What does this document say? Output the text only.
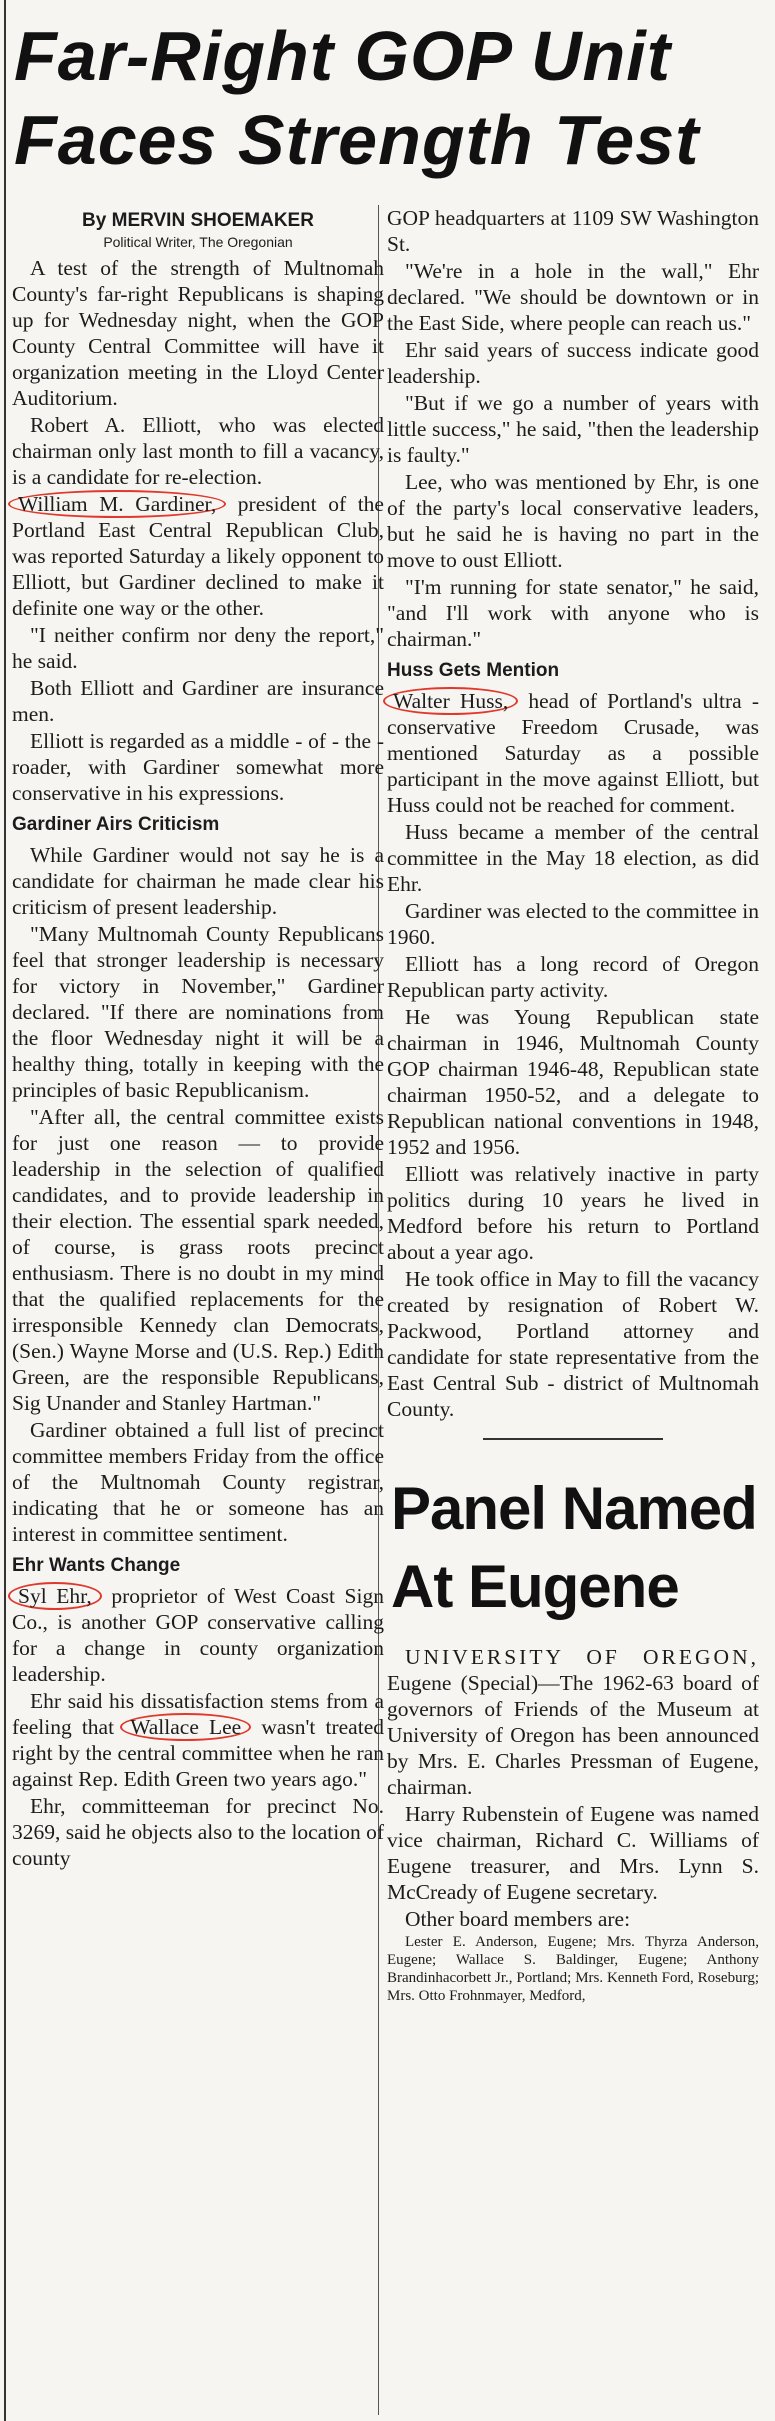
Far-Right GOP Unit
Faces Strength Test
By MERVIN SHOEMAKER
Political Writer, The Oregonian

A test of the strength of Multnomah County's far-right Republicans is shaping up for Wednesday night, when the GOP County Central Committee will have it organization meeting in the Lloyd Center Auditorium.

Robert A. Elliott, who was elected chairman only last month to fill a vacancy, is a candidate for re-election.

William M. Gardiner, president of the Portland East Central Republican Club, was reported Saturday a likely opponent to Elliott, but Gardiner declined to make it definite one way or the other.

"I neither confirm nor deny the report," he said.

Both Elliott and Gardiner are insurance men.

Elliott is regarded as a middle - of - the - roader, with Gardiner somewhat more conservative in his expressions.

Gardiner Airs Criticism

While Gardiner would not say he is a candidate for chairman he made clear his criticism of present leadership.

"Many Multnomah County Republicans feel that stronger leadership is necessary for victory in November," Gardiner declared. "If there are nominations from the floor Wednesday night it will be a healthy thing, totally in keeping with the principles of basic Republicanism.

"After all, the central committee exists for just one reason — to provide leadership in the selection of qualified candidates, and to provide leadership in their election. The essential spark needed, of course, is grass roots precinct enthusiasm. There is no doubt in my mind that the qualified replacements for the irresponsible Kennedy clan Democrats, (Sen.) Wayne Morse and (U.S. Rep.) Edith Green, are the responsible Republicans, Sig Unander and Stanley Hartman."

Gardiner obtained a full list of precinct committee members Friday from the office of the Multnomah County registrar, indicating that he or someone has an interest in committee sentiment.

Ehr Wants Change

Syl Ehr, proprietor of West Coast Sign Co., is another GOP conservative calling for a change in county organization leadership.

Ehr said his dissatisfaction stems from a feeling that Wallace Lee wasn't treated right by the central committee when he ran against Rep. Edith Green two years ago."

Ehr, committeeman for precinct No. 3269, said he objects also to the location of county

GOP headquarters at 1109 SW Washington St.

"We're in a hole in the wall," Ehr declared. "We should be downtown or in the East Side, where people can reach us."

Ehr said years of success indicate good leadership.

"But if we go a number of years with little success," he said, "then the leadership is faulty."

Lee, who was mentioned by Ehr, is one of the party's local conservative leaders, but he said he is having no part in the move to oust Elliott.

"I'm running for state senator," he said, "and I'll work with anyone who is chairman."

Huss Gets Mention

Walter Huss, head of Portland's ultra - conservative Freedom Crusade, was mentioned Saturday as a possible participant in the move against Elliott, but Huss could not be reached for comment.

Huss became a member of the central committee in the May 18 election, as did Ehr.

Gardiner was elected to the committee in 1960.

Elliott has a long record of Oregon Republican party activity.

He was Young Republican state chairman in 1946, Multnomah County GOP chairman 1946-48, Republican state chairman 1950-52, and a delegate to Republican national conventions in 1948, 1952 and 1956.

Elliott was relatively inactive in party politics during 10 years he lived in Medford before his return to Portland about a year ago.

He took office in May to fill the vacancy created by resignation of Robert W. Packwood, Portland attorney and candidate for state representative from the East Central Sub - district of Multnomah County.

Panel Named
At Eugene

UNIVERSITY OF OREGON, Eugene (Special)—The 1962-63 board of governors of Friends of the Museum at University of Oregon has been announced by Mrs. E. Charles Pressman of Eugene, chairman.

Harry Rubenstein of Eugene was named vice chairman, Richard C. Williams of Eugene treasurer, and Mrs. Lynn S. McCready of Eugene secretary.

Other board members are:

Lester E. Anderson, Eugene; Mrs. Thyrza Anderson, Eugene; Wallace S. Baldinger, Eugene; Anthony Brandinhacorbett Jr., Portland; Mrs. Kenneth Ford, Roseburg; Mrs. Otto Frohnmayer, Medford,
